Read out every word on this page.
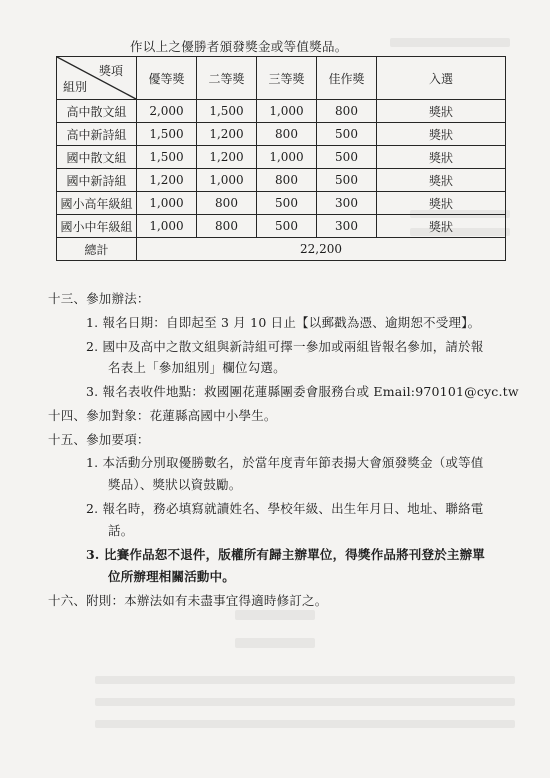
作以上之優勝者頒發獎金或等值獎品。
獎項
組別	優等獎	二等獎	三等獎	佳作獎	入選
高中散文組	2,000	1,500	1,000	800	獎狀
高中新詩組	1,500	1,200	800	500	獎狀
國中散文組	1,500	1,200	1,000	500	獎狀
國中新詩組	1,200	1,000	800	500	獎狀
國小高年級組	1,000	800	500	300	獎狀
國小中年級組	1,000	800	500	300	獎狀
總計	22,200				
十三、參加辦法：
1. 報名日期：自即起至 3 月 10 日止【以郵戳為憑、逾期恕不受理】。
2. 國中及高中之散文組與新詩組可擇一參加或兩組皆報名參加，請於報
名表上「參加組別」欄位勾選。
3. 報名表收件地點：救國團花蓮縣團委會服務台或 Email:970101@cyc.tw
十四、參加對象：花蓮縣高國中小學生。
十五、參加要項：
1. 本活動分別取優勝數名，於當年度青年節表揚大會頒發獎金（或等值
獎品）、獎狀以資鼓勵。
2. 報名時，務必填寫就讀姓名、學校年級、出生年月日、地址、聯絡電
話。
3. 比賽作品恕不退件，版權所有歸主辦單位，得獎作品將刊登於主辦單
位所辦理相關活動中。
十六、附則：本辦法如有未盡事宜得適時修訂之。
